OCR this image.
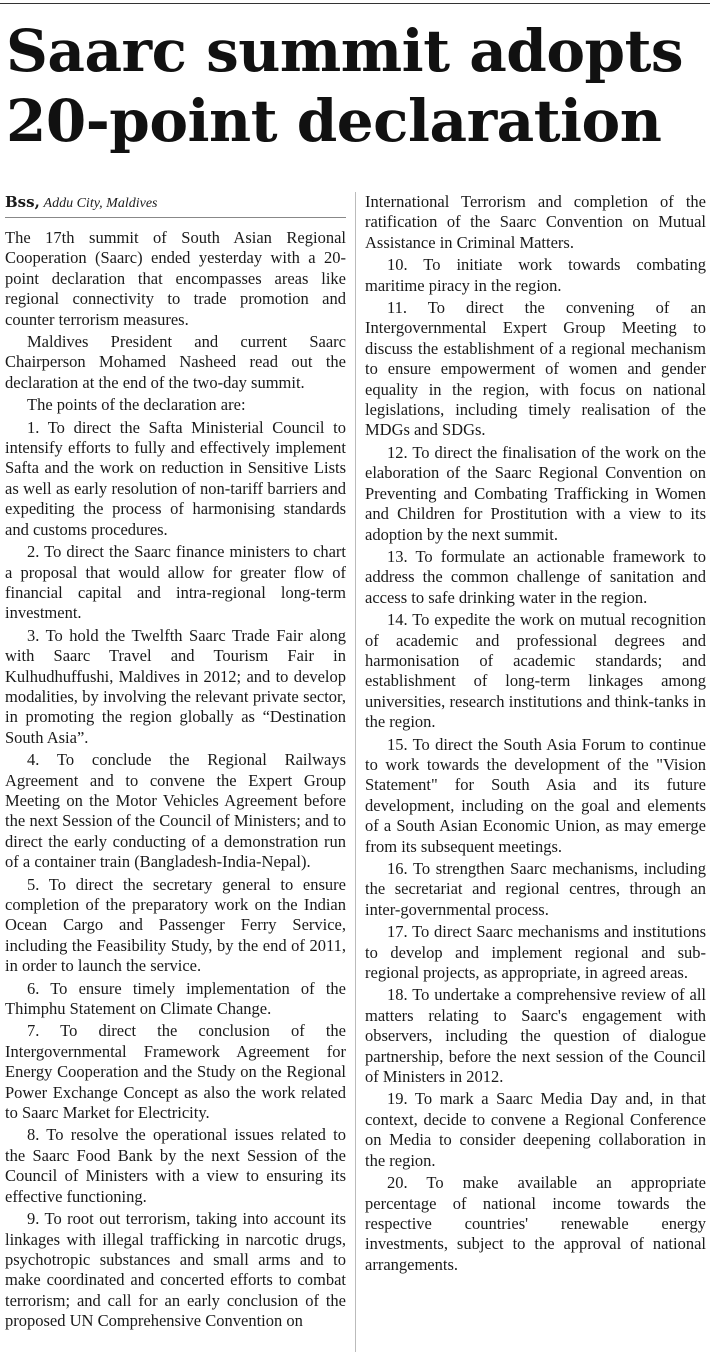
Saarc summit adopts 20-point declaration
Bss, Addu City, Maldives

The 17th summit of South Asian Regional Cooperation (Saarc) ended yesterday with a 20-point declaration that encompasses areas like regional connectivity to trade promotion and counter terrorism measures.

Maldives President and current Saarc Chairperson Mohamed Nasheed read out the declaration at the end of the two-day summit.

The points of the declaration are:

1. To direct the Safta Ministerial Council to intensify efforts to fully and effectively implement Safta and the work on reduction in Sensitive Lists as well as early resolution of non-tariff barriers and expediting the process of harmonising standards and customs procedures.

2. To direct the Saarc finance ministers to chart a proposal that would allow for greater flow of financial capital and intra-regional long-term investment.

3. To hold the Twelfth Saarc Trade Fair along with Saarc Travel and Tourism Fair in Kulhudhuffushi, Maldives in 2012; and to develop modalities, by involving the relevant private sector, in promoting the region globally as “Destination South Asia”.

4. To conclude the Regional Railways Agreement and to convene the Expert Group Meeting on the Motor Vehicles Agreement before the next Session of the Council of Ministers; and to direct the early conducting of a demonstration run of a container train (Bangladesh-India-Nepal).

5. To direct the secretary general to ensure completion of the preparatory work on the Indian Ocean Cargo and Passenger Ferry Service, including the Feasibility Study, by the end of 2011, in order to launch the service.

6. To ensure timely implementation of the Thimphu Statement on Climate Change.

7. To direct the conclusion of the Intergovernmental Framework Agreement for Energy Cooperation and the Study on the Regional Power Exchange Concept as also the work related to Saarc Market for Electricity.

8. To resolve the operational issues related to the Saarc Food Bank by the next Session of the Council of Ministers with a view to ensuring its effective functioning.

9. To root out terrorism, taking into account its linkages with illegal trafficking in narcotic drugs, psychotropic substances and small arms and to make coordinated and concerted efforts to combat terrorism; and call for an early conclusion of the proposed UN Comprehensive Convention on

International Terrorism and completion of the ratification of the Saarc Convention on Mutual Assistance in Criminal Matters.

10. To initiate work towards combating maritime piracy in the region.

11. To direct the convening of an Intergovernmental Expert Group Meeting to discuss the establishment of a regional mechanism to ensure empowerment of women and gender equality in the region, with focus on national legislations, including timely realisation of the MDGs and SDGs.

12. To direct the finalisation of the work on the elaboration of the Saarc Regional Convention on Preventing and Combating Trafficking in Women and Children for Prostitution with a view to its adoption by the next summit.

13. To formulate an actionable framework to address the common challenge of sanitation and access to safe drinking water in the region.

14. To expedite the work on mutual recognition of academic and professional degrees and harmonisation of academic standards; and establishment of long-term linkages among universities, research institutions and think-tanks in the region.

15. To direct the South Asia Forum to continue to work towards the development of the "Vision Statement" for South Asia and its future development, including on the goal and elements of a South Asian Economic Union, as may emerge from its subsequent meetings.

16. To strengthen Saarc mechanisms, including the secretariat and regional centres, through an inter-governmental process.

17. To direct Saarc mechanisms and institutions to develop and implement regional and sub-regional projects, as appropriate, in agreed areas.

18. To undertake a comprehensive review of all matters relating to Saarc's engagement with observers, including the question of dialogue partnership, before the next session of the Council of Ministers in 2012.

19. To mark a Saarc Media Day and, in that context, decide to convene a Regional Conference on Media to consider deepening collaboration in the region.

20. To make available an appropriate percentage of national income towards the respective countries' renewable energy investments, subject to the approval of national arrangements.
